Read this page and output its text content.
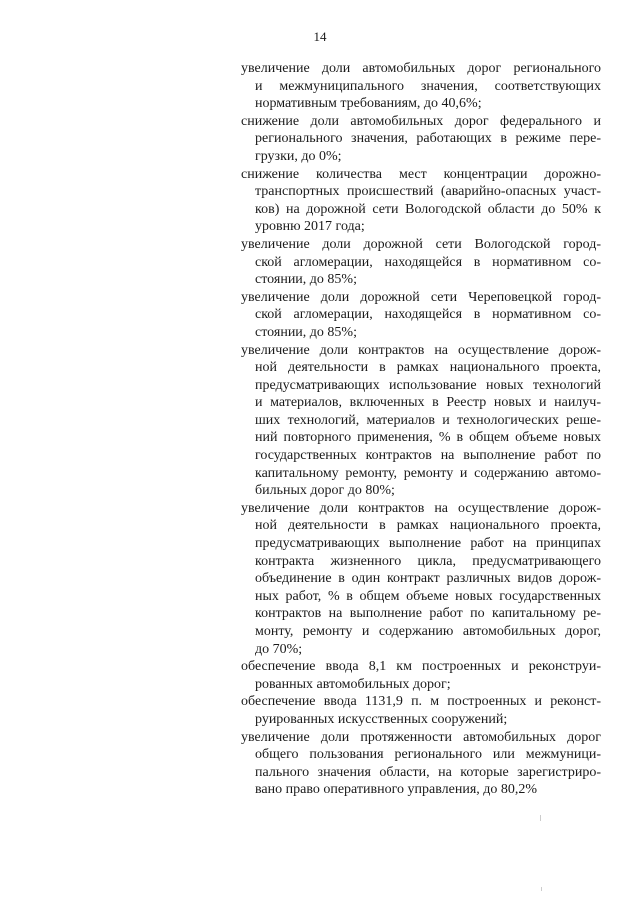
14
увеличение доли автомобильных дорог регионального
и межмуниципального значения, соответствующих
нормативным требованиям, до 40,6%;
снижение доли автомобильных дорог федерального и
регионального значения, работающих в режиме пере-
грузки, до 0%;
снижение количества мест концентрации дорожно-
транспортных происшествий (аварийно-опасных участ-
ков) на дорожной сети Вологодской области до 50% к
уровню 2017 года;
увеличение доли дорожной сети Вологодской город-
ской агломерации, находящейся в нормативном со-
стоянии, до 85%;
увеличение доли дорожной сети Череповецкой город-
ской агломерации, находящейся в нормативном со-
стоянии, до 85%;
увеличение доли контрактов на осуществление дорож-
ной деятельности в рамках национального проекта,
предусматривающих использование новых технологий
и материалов, включенных в Реестр новых и наилуч-
ших технологий, материалов и технологических реше-
ний повторного применения, % в общем объеме новых
государственных контрактов на выполнение работ по
капитальному ремонту, ремонту и содержанию автомо-
бильных дорог до 80%;
увеличение доли контрактов на осуществление дорож-
ной деятельности в рамках национального проекта,
предусматривающих выполнение работ на принципах
контракта жизненного цикла, предусматривающего
объединение в один контракт различных видов дорож-
ных работ, % в общем объеме новых государственных
контрактов на выполнение работ по капитальному ре-
монту, ремонту и содержанию автомобильных дорог,
до 70%;
обеспечение ввода 8,1 км построенных и реконструи-
рованных автомобильных дорог;
обеспечение ввода 1131,9 п. м построенных и реконст-
руированных искусственных сооружений;
увеличение доли протяженности автомобильных дорог
общего пользования регионального или межмуници-
пального значения области, на которые зарегистриро-
вано право оперативного управления, до 80,2%
